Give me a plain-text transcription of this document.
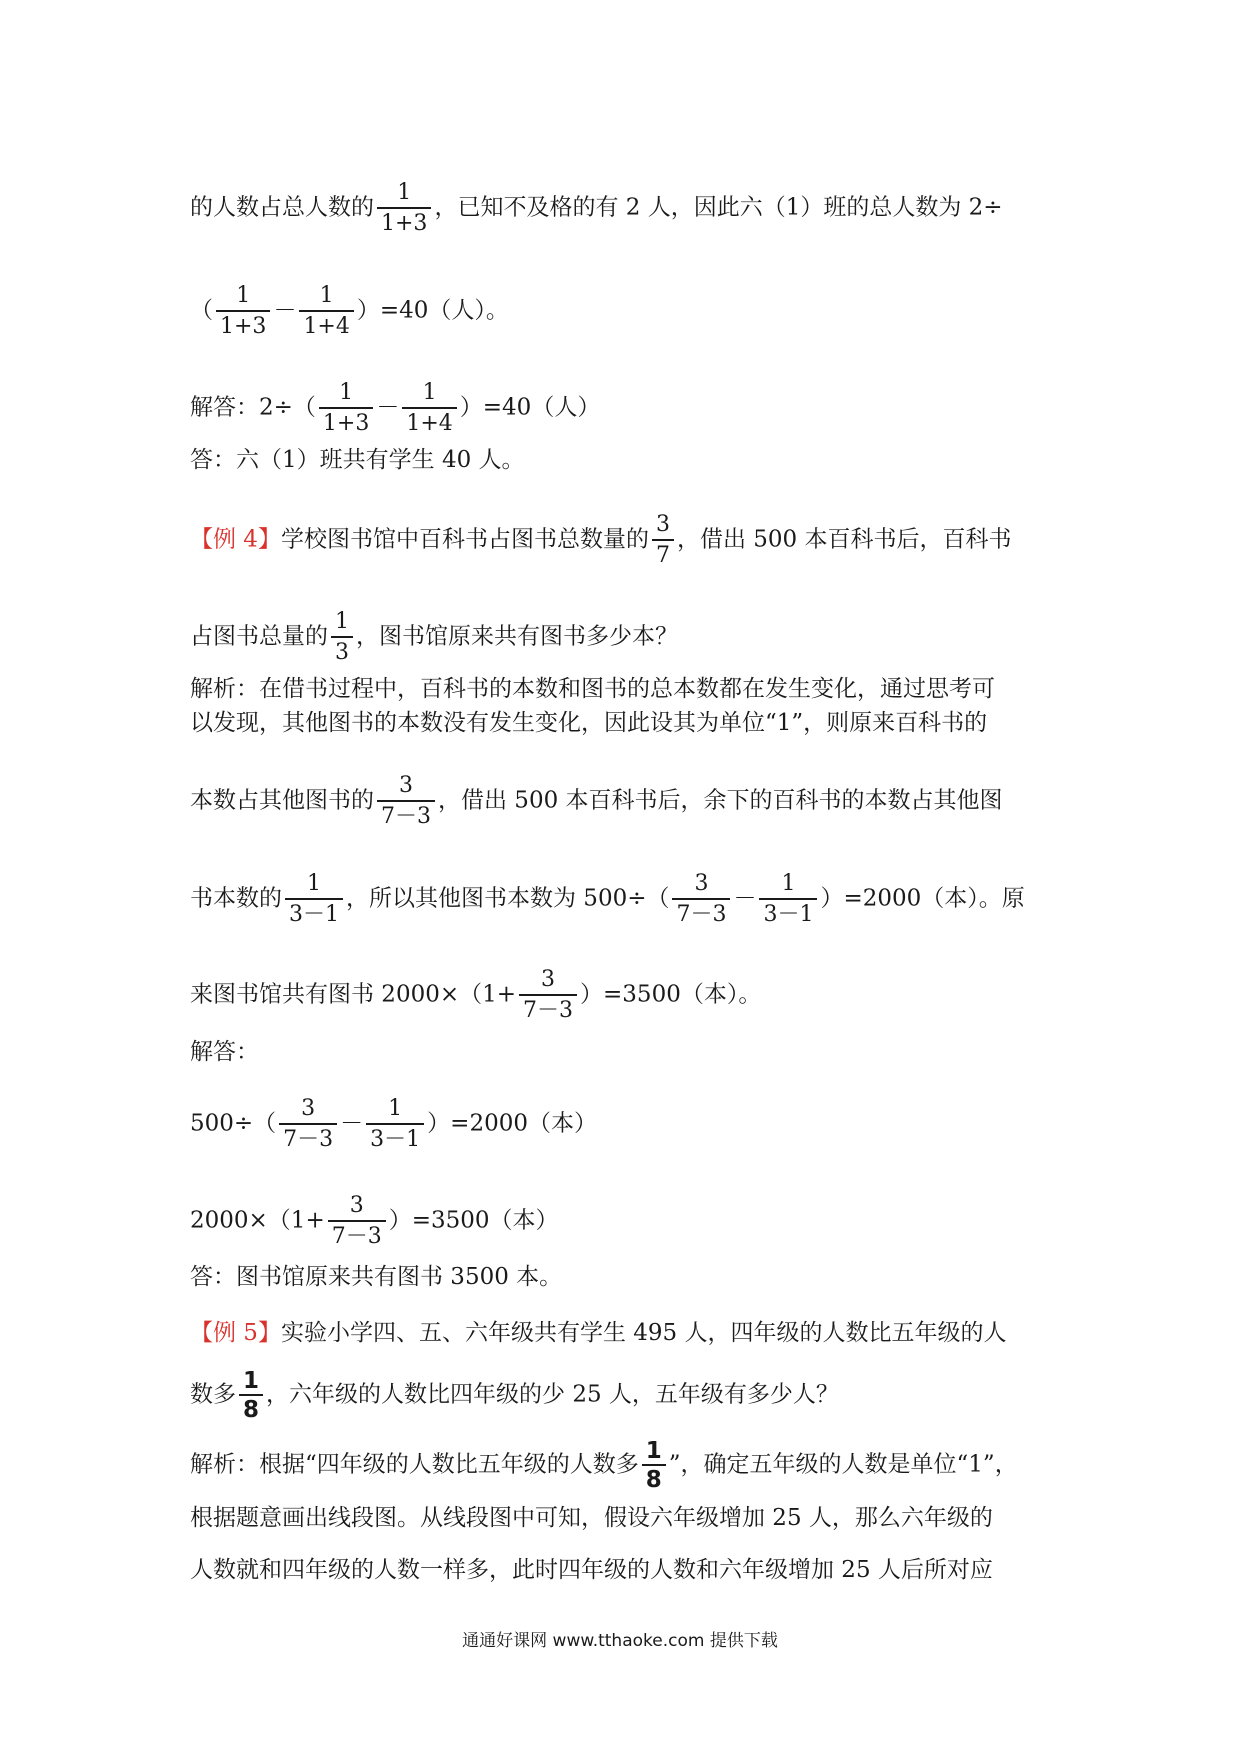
的人数占总人数的 $\frac{1}{1+3}$ ，已知不及格的有 2 人，因此六（1）班的总人数为 2÷
（ $\frac{1}{1+3} - \frac{1}{1+4} )=40$（人）。
解答：$2\div( \frac{1}{1+3} - \frac{1}{1+4} )=40$（人）
答：六（1）班共有学生 40 人。
【例 4】学校图书馆中百科书占图书总数量的 $\frac{3}{7}$ ，借出 500 本百科书后，百科书
占图书总量的 $\frac{1}{3}$ ，图书馆原来共有图书多少本？
解析：在借书过程中，百科书的本数和图书的总本数都在发生变化，通过思考可
以发现，其他图书的本数没有发生变化，因此设其为单位“1”，则原来百科书的
本数占其他图书的 $\frac{3}{7-3}$ ，借出 500 本百科书后，余下的百科书的本数占其他图
书本数的 $\frac{1}{3-1}$ ，所以其他图书本数为 $500\div( \frac{3}{7-3} - \frac{1}{3-1} )=2000$（本）。原
来图书馆共有图书 $2000\times(1+ \frac{3}{7-3} )=3500$（本）。
解答：
$500\div( \frac{3}{7-3} - \frac{1}{3-1} )=2000$（本）
$2000\times(1+ \frac{3}{7-3} )=3500$（本）
答：图书馆原来共有图书 3500 本。
【例 5】实验小学四、五、六年级共有学生 495 人，四年级的人数比五年级的人
数多 $\frac{1}{8}$ ，六年级的人数比四年级的少 25 人，五年级有多少人？
解析：根据“四年级的人数比五年级的人数多 $\frac{1}{8}$ ”，确定五年级的人数是单位“1”，
根据题意画出线段图。从线段图中可知，假设六年级增加 25 人，那么六年级的
人数就和四年级的人数一样多，此时四年级的人数和六年级增加 25 人后所对应
通通好课网 www.tthaoke.com 提供下载
